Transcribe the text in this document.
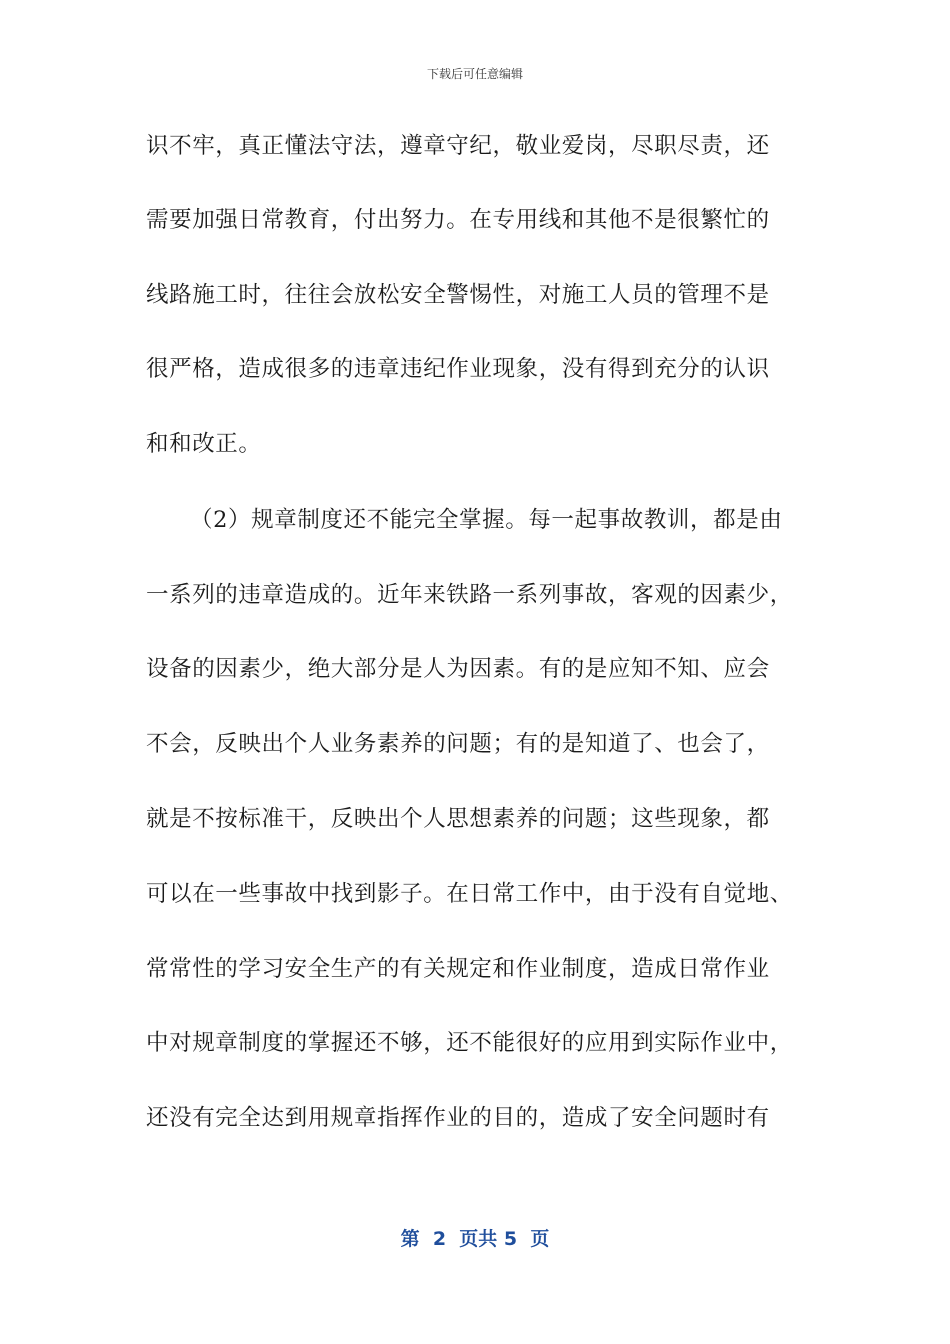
下载后可任意编辑
识不牢，真正懂法守法，遵章守纪，敬业爱岗，尽职尽责，还
需要加强日常教育，付出努力。在专用线和其他不是很繁忙的
线路施工时，往往会放松安全警惕性，对施工人员的管理不是
很严格，造成很多的违章违纪作业现象，没有得到充分的认识
和和改正。
（2）规章制度还不能完全掌握。每一起事故教训，都是由
一系列的违章造成的。近年来铁路一系列事故，客观的因素少，
设备的因素少，绝大部分是人为因素。有的是应知不知、应会
不会，反映出个人业务素养的问题；有的是知道了、也会了，
就是不按标准干，反映出个人思想素养的问题；这些现象，都
可以在一些事故中找到影子。在日常工作中，由于没有自觉地、
常常性的学习安全生产的有关规定和作业制度，造成日常作业
中对规章制度的掌握还不够，还不能很好的应用到实际作业中，
还没有完全达到用规章指挥作业的目的，造成了安全问题时有
第  2  页共 5  页
